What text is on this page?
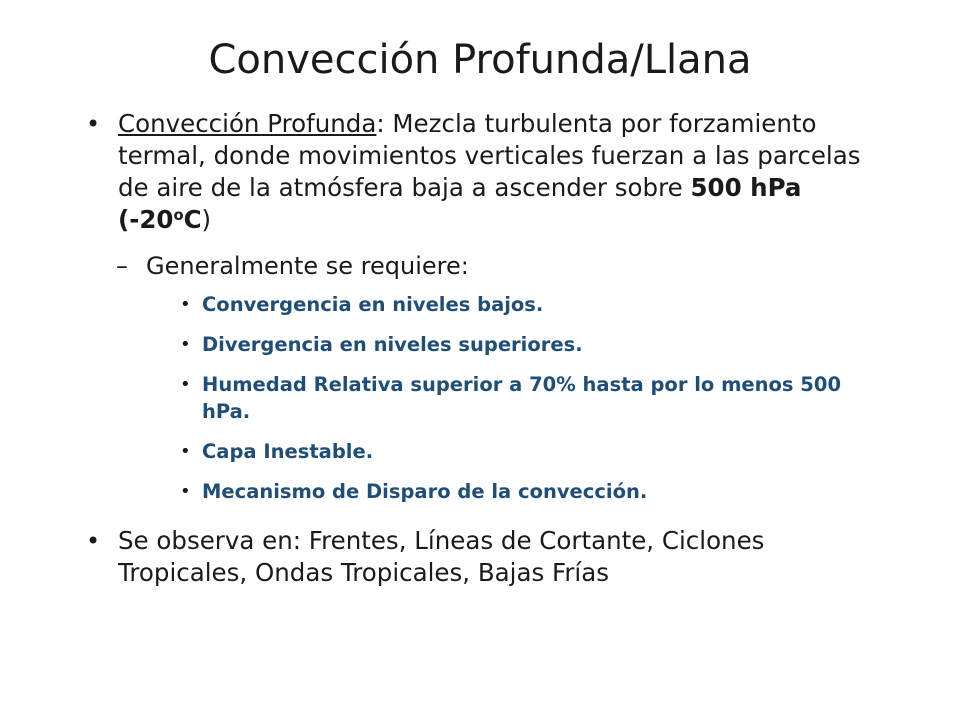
Convección Profunda/Llana

• Convección Profunda: Mezcla turbulenta por forzamiento termal, donde movimientos verticales fuerzan a las parcelas de aire de la atmósfera baja a ascender sobre 500 hPa (-20$^o$C)

– Generalmente se requiere:

• Convergencia en niveles bajos.

• Divergencia en niveles superiores.

• Humedad Relativa superior a 70% hasta por lo menos 500 hPa.

• Capa Inestable.

• Mecanismo de Disparo de la convección.

• Se observa en: Frentes, Líneas de Cortante, Ciclones Tropicales, Ondas Tropicales, Bajas Frías
